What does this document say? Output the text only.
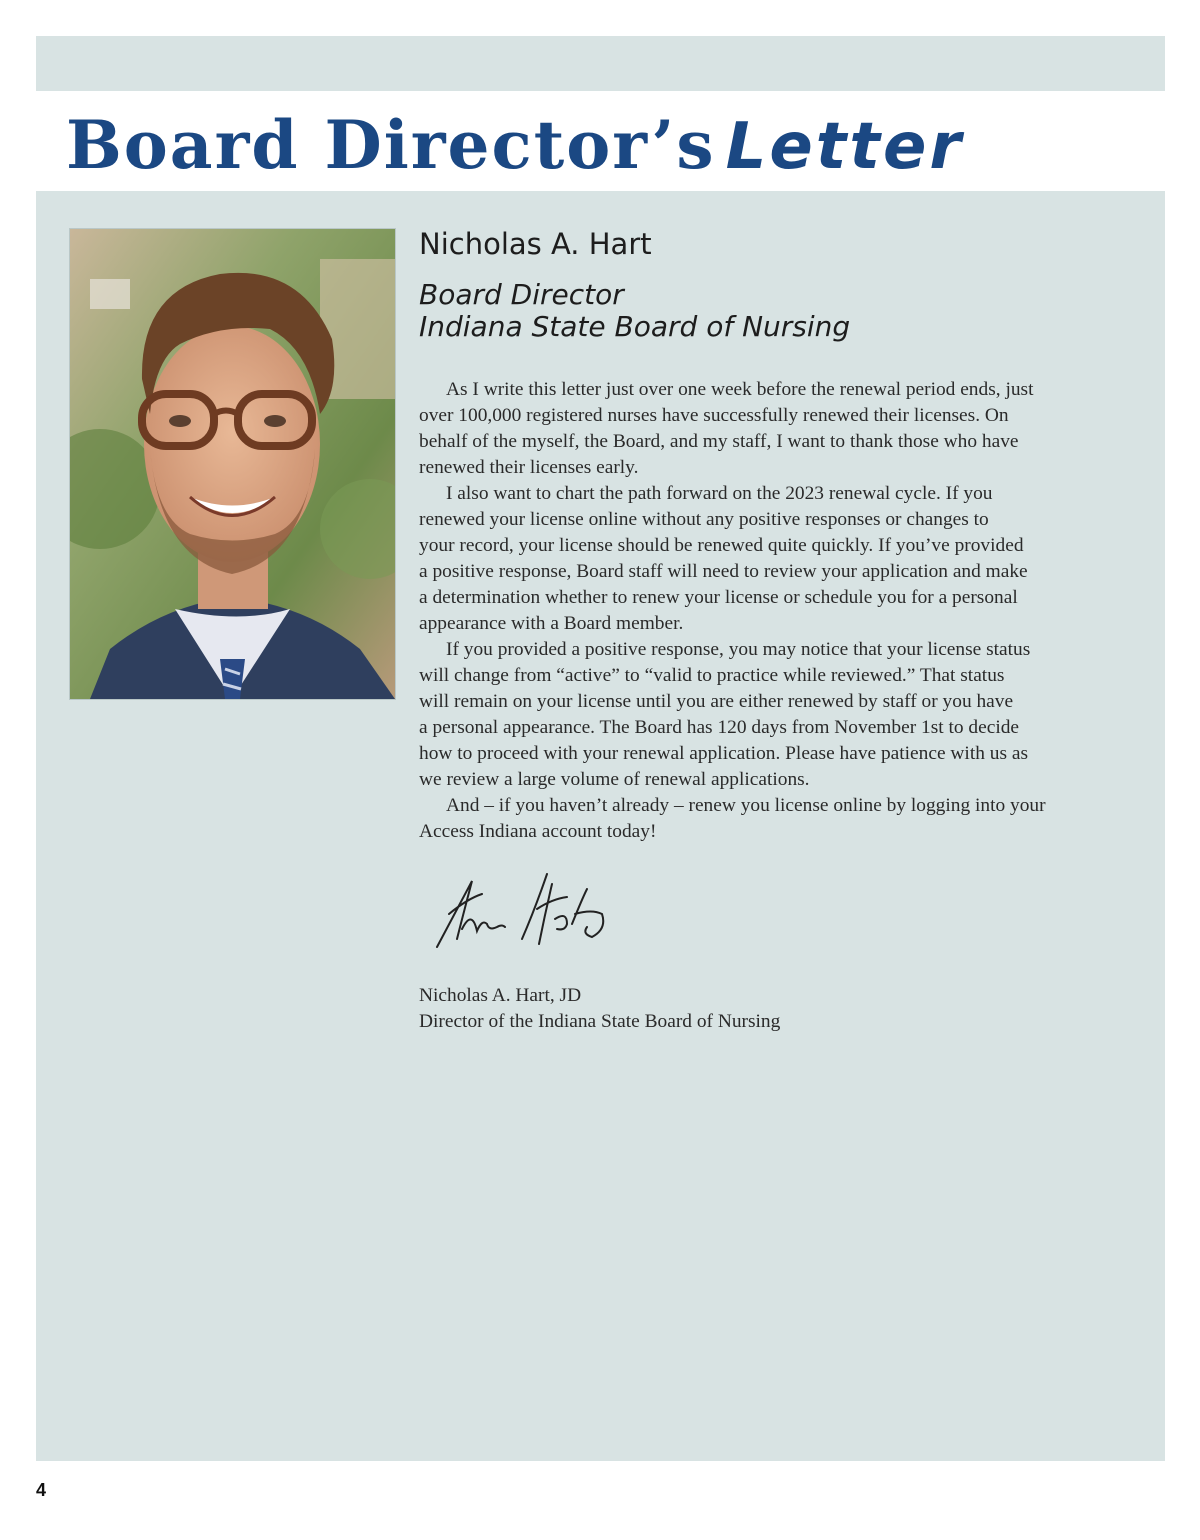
Board Director’s Letter
Nicholas A. Hart
Board Director
Indiana State Board of Nursing

As I write this letter just over one week before the renewal period ends, just

over 100,000 registered nurses have successfully renewed their licenses. On

behalf of the myself, the Board, and my staff, I want to thank those who have

renewed their licenses early.

I also want to chart the path forward on the 2023 renewal cycle. If you

renewed your license online without any positive responses or changes to

your record, your license should be renewed quite quickly. If you’ve provided

a positive response, Board staff will need to review your application and make

a determination whether to renew your license or schedule you for a personal

appearance with a Board member.

If you provided a positive response, you may notice that your license status

will change from “active” to “valid to practice while reviewed.” That status

will remain on your license until you are either renewed by staff or you have

a personal appearance. The Board has 120 days from November 1st to decide

how to proceed with your renewal application. Please have patience with us as

we review a large volume of renewal applications.

And – if you haven’t already – renew you license online by logging into your

Access Indiana account today!

Nicholas A. Hart, JD
Director of the Indiana State Board of Nursing
4
